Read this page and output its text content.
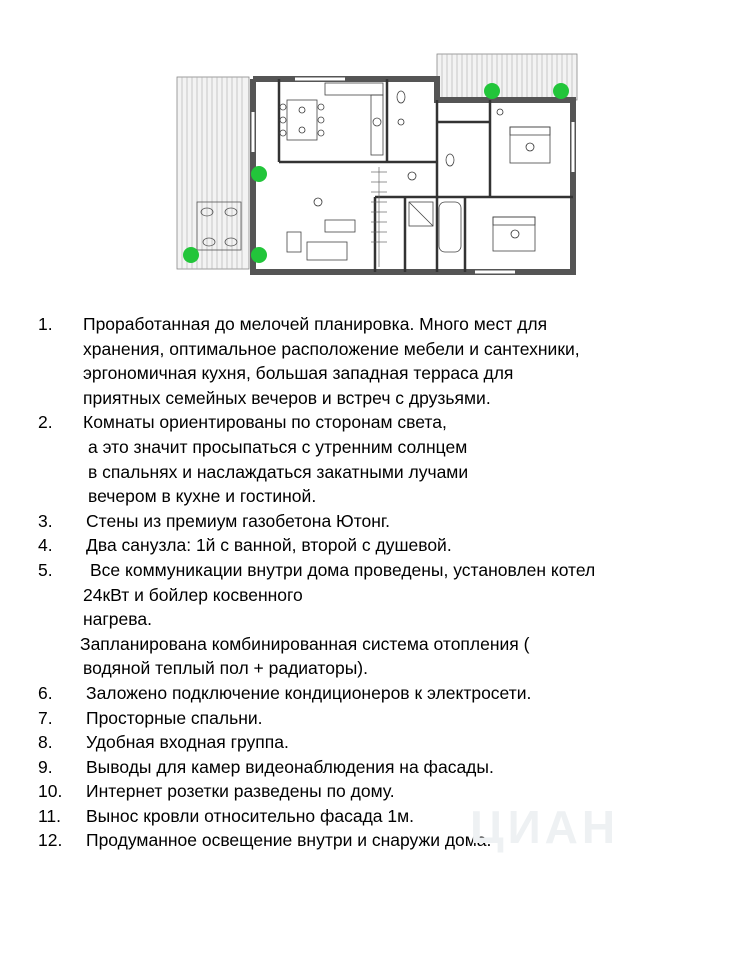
1.	Проработанная до мелочей планировка. Много мест для
хранения, оптимальное расположение мебели и сантехники,
эргономичная кухня, большая западная терраса для
приятных семейных вечеров и встреч с друзьями.
2.	Комнаты ориентированы по сторонам света,
а это значит просыпаться с утренним солнцем
в спальнях и наслаждаться закатными лучами
вечером в кухне и гостиной.
3.	Стены из премиум газобетона Ютонг.
4.	Два санузла: 1й с ванной, второй с душевой.
5.	Все коммуникации внутри дома проведены, установлен котел
24кВт и бойлер косвенного
нагрева.
Запланирована комбинированная система отопления (
водяной теплый пол + радиаторы).
6.	Заложено подключение кондиционеров к электросети.
7.	Просторные спальни.
8.	Удобная входная группа.
9.	Выводы для камер видеонаблюдения на фасады.
10.	Интернет розетки разведены по дому.
11.	Вынос кровли относительно фасада 1м.
12.	Продуманное освещение внутри и снаружи дома.
ЦИАН
